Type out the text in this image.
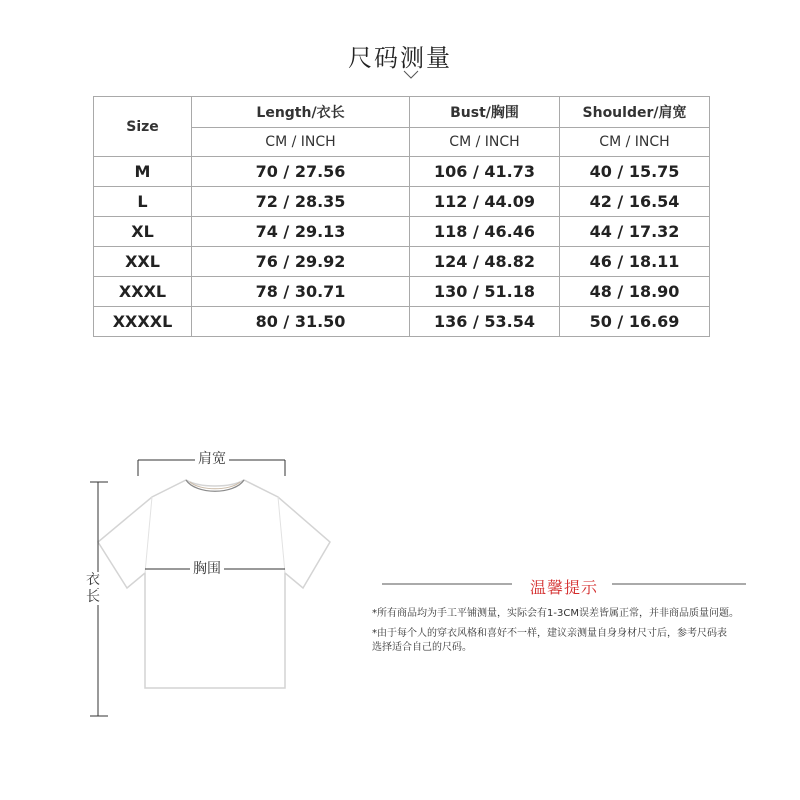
尺码测量
Size	Length/衣长	Bust/胸围	Shoulder/肩宽
	CM / INCH	CM / INCH	CM / INCH
M	70 / 27.56	106 / 41.73	40 / 15.75
L	72 / 28.35	112 / 44.09	42 / 16.54
XL	74 / 29.13	118 / 46.46	44 / 17.32
XXL	76 / 29.92	124 / 48.82	46 / 18.11
XXXL	78 / 30.71	130 / 51.18	48 / 18.90
XXXXL	80 / 31.50	136 / 53.54	50 / 16.69
肩宽
胸围
衣
长	温馨提示
*所有商品均为手工平铺测量，实际会有1-3CM误差皆属正常，并非商品质量问题。
*由于每个人的穿衣风格和喜好不一样，建议亲测量自身身材尺寸后，参考尺码表
选择适合自己的尺码。
